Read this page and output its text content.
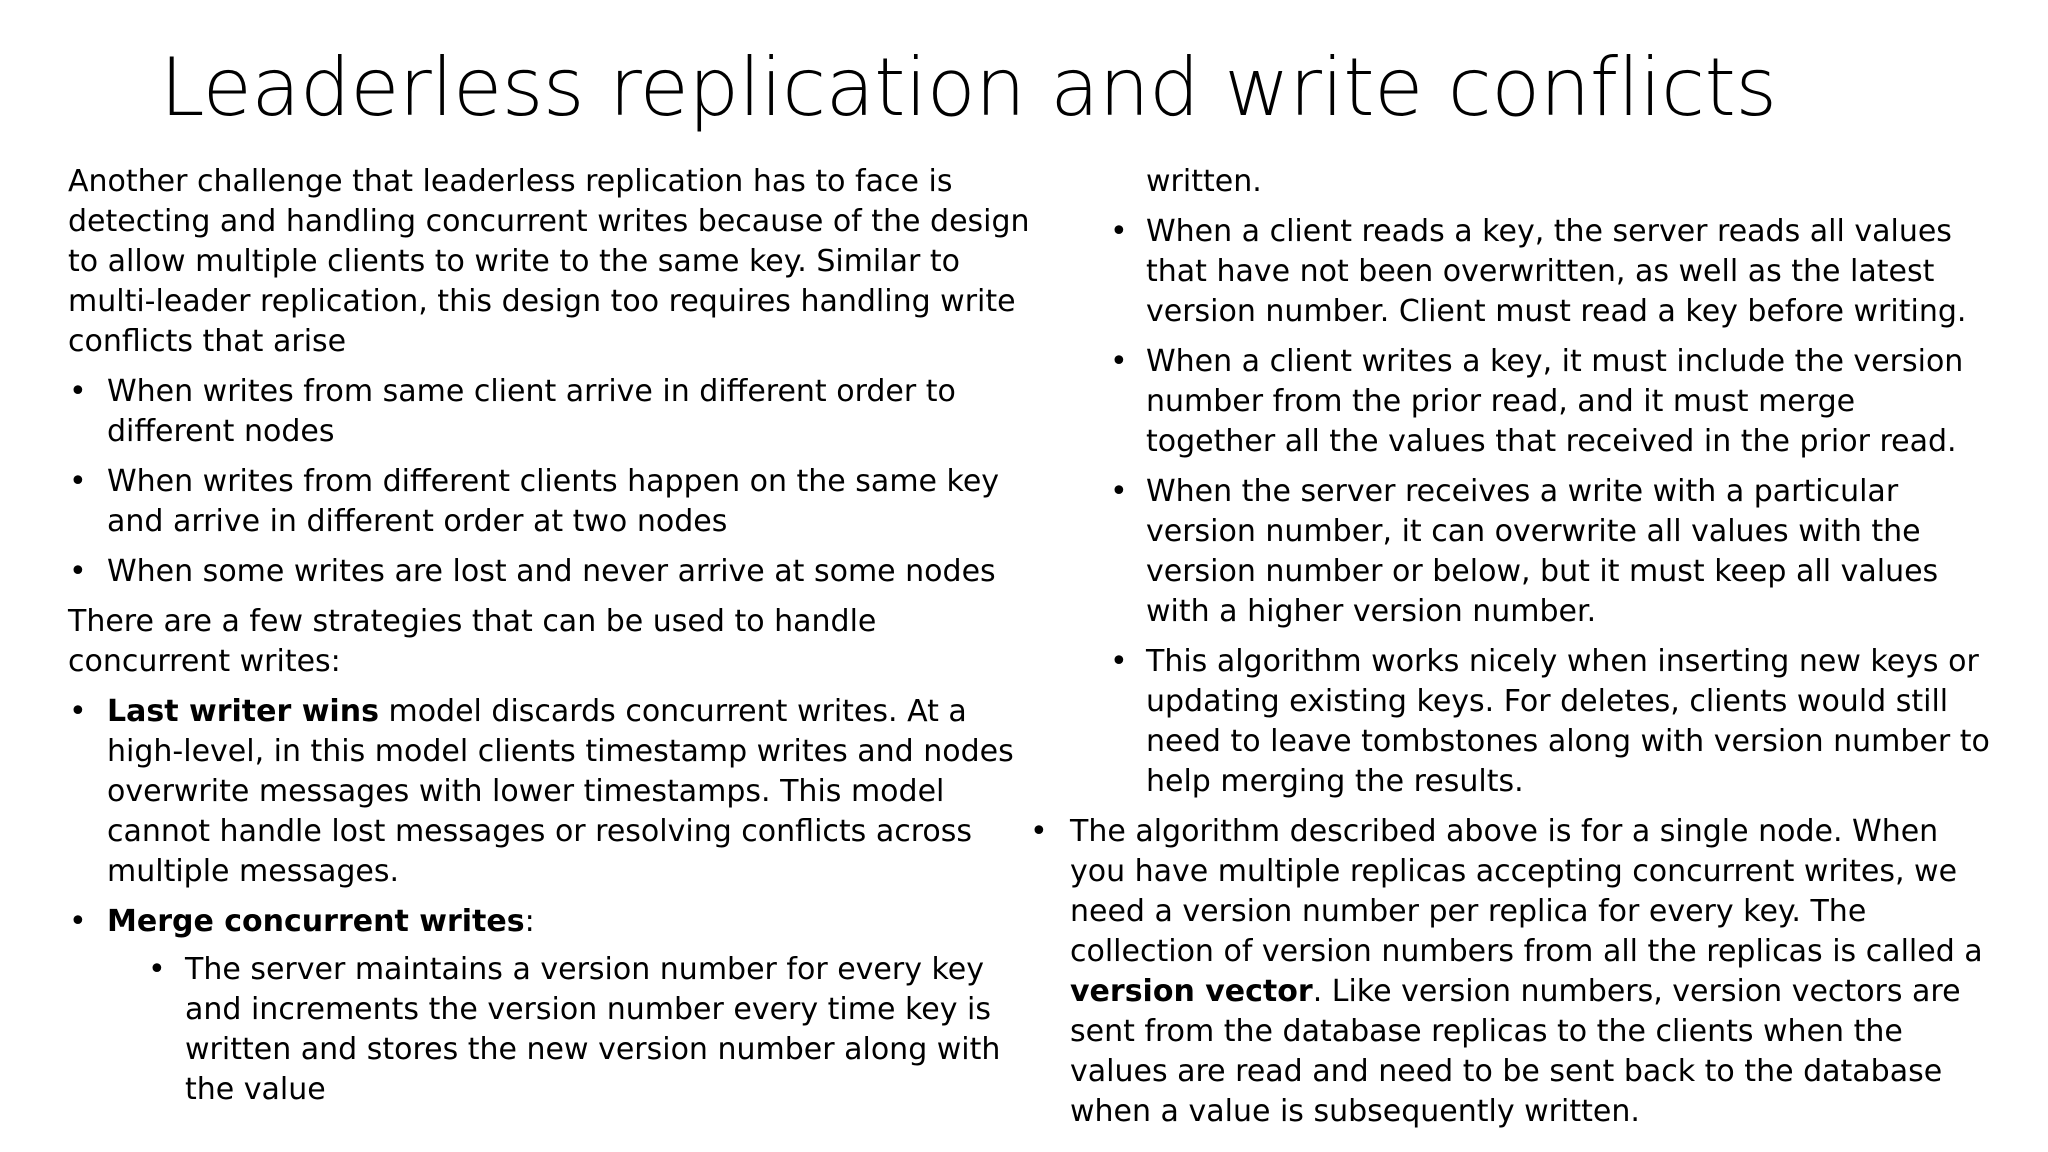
Leaderless replication and write conflicts

Another challenge that leaderless replication has to face is detecting and handling concurrent writes because of the design to allow multiple clients to write to the same key. Similar to multi-leader replication, this design too requires handling write conflicts that arise

• When writes from same client arrive in different order to different nodes

• When writes from different clients happen on the same key and arrive in different order at two nodes

• When some writes are lost and never arrive at some nodes

There are a few strategies that can be used to handle concurrent writes:

• Last writer wins model discards concurrent writes. At a high-level, in this model clients timestamp writes and nodes overwrite messages with lower timestamps. This model cannot handle lost messages or resolving conflicts across multiple messages.

• Merge concurrent writes:

• The server maintains a version number for every key and increments the version number every time key is written and stores the new version number along with the value

written.

• When a client reads a key, the server reads all values that have not been overwritten, as well as the latest version number. Client must read a key before writing.

• When a client writes a key, it must include the version number from the prior read, and it must merge together all the values that received in the prior read.

• When the server receives a write with a particular version number, it can overwrite all values with the version number or below, but it must keep all values with a higher version number.

• This algorithm works nicely when inserting new keys or updating existing keys. For deletes, clients would still need to leave tombstones along with version number to help merging the results.

• The algorithm described above is for a single node. When you have multiple replicas accepting concurrent writes, we need a version number per replica for every key. The collection of version numbers from all the replicas is called a version vector. Like version numbers, version vectors are sent from the database replicas to the clients when the values are read and need to be sent back to the database when a value is subsequently written.
